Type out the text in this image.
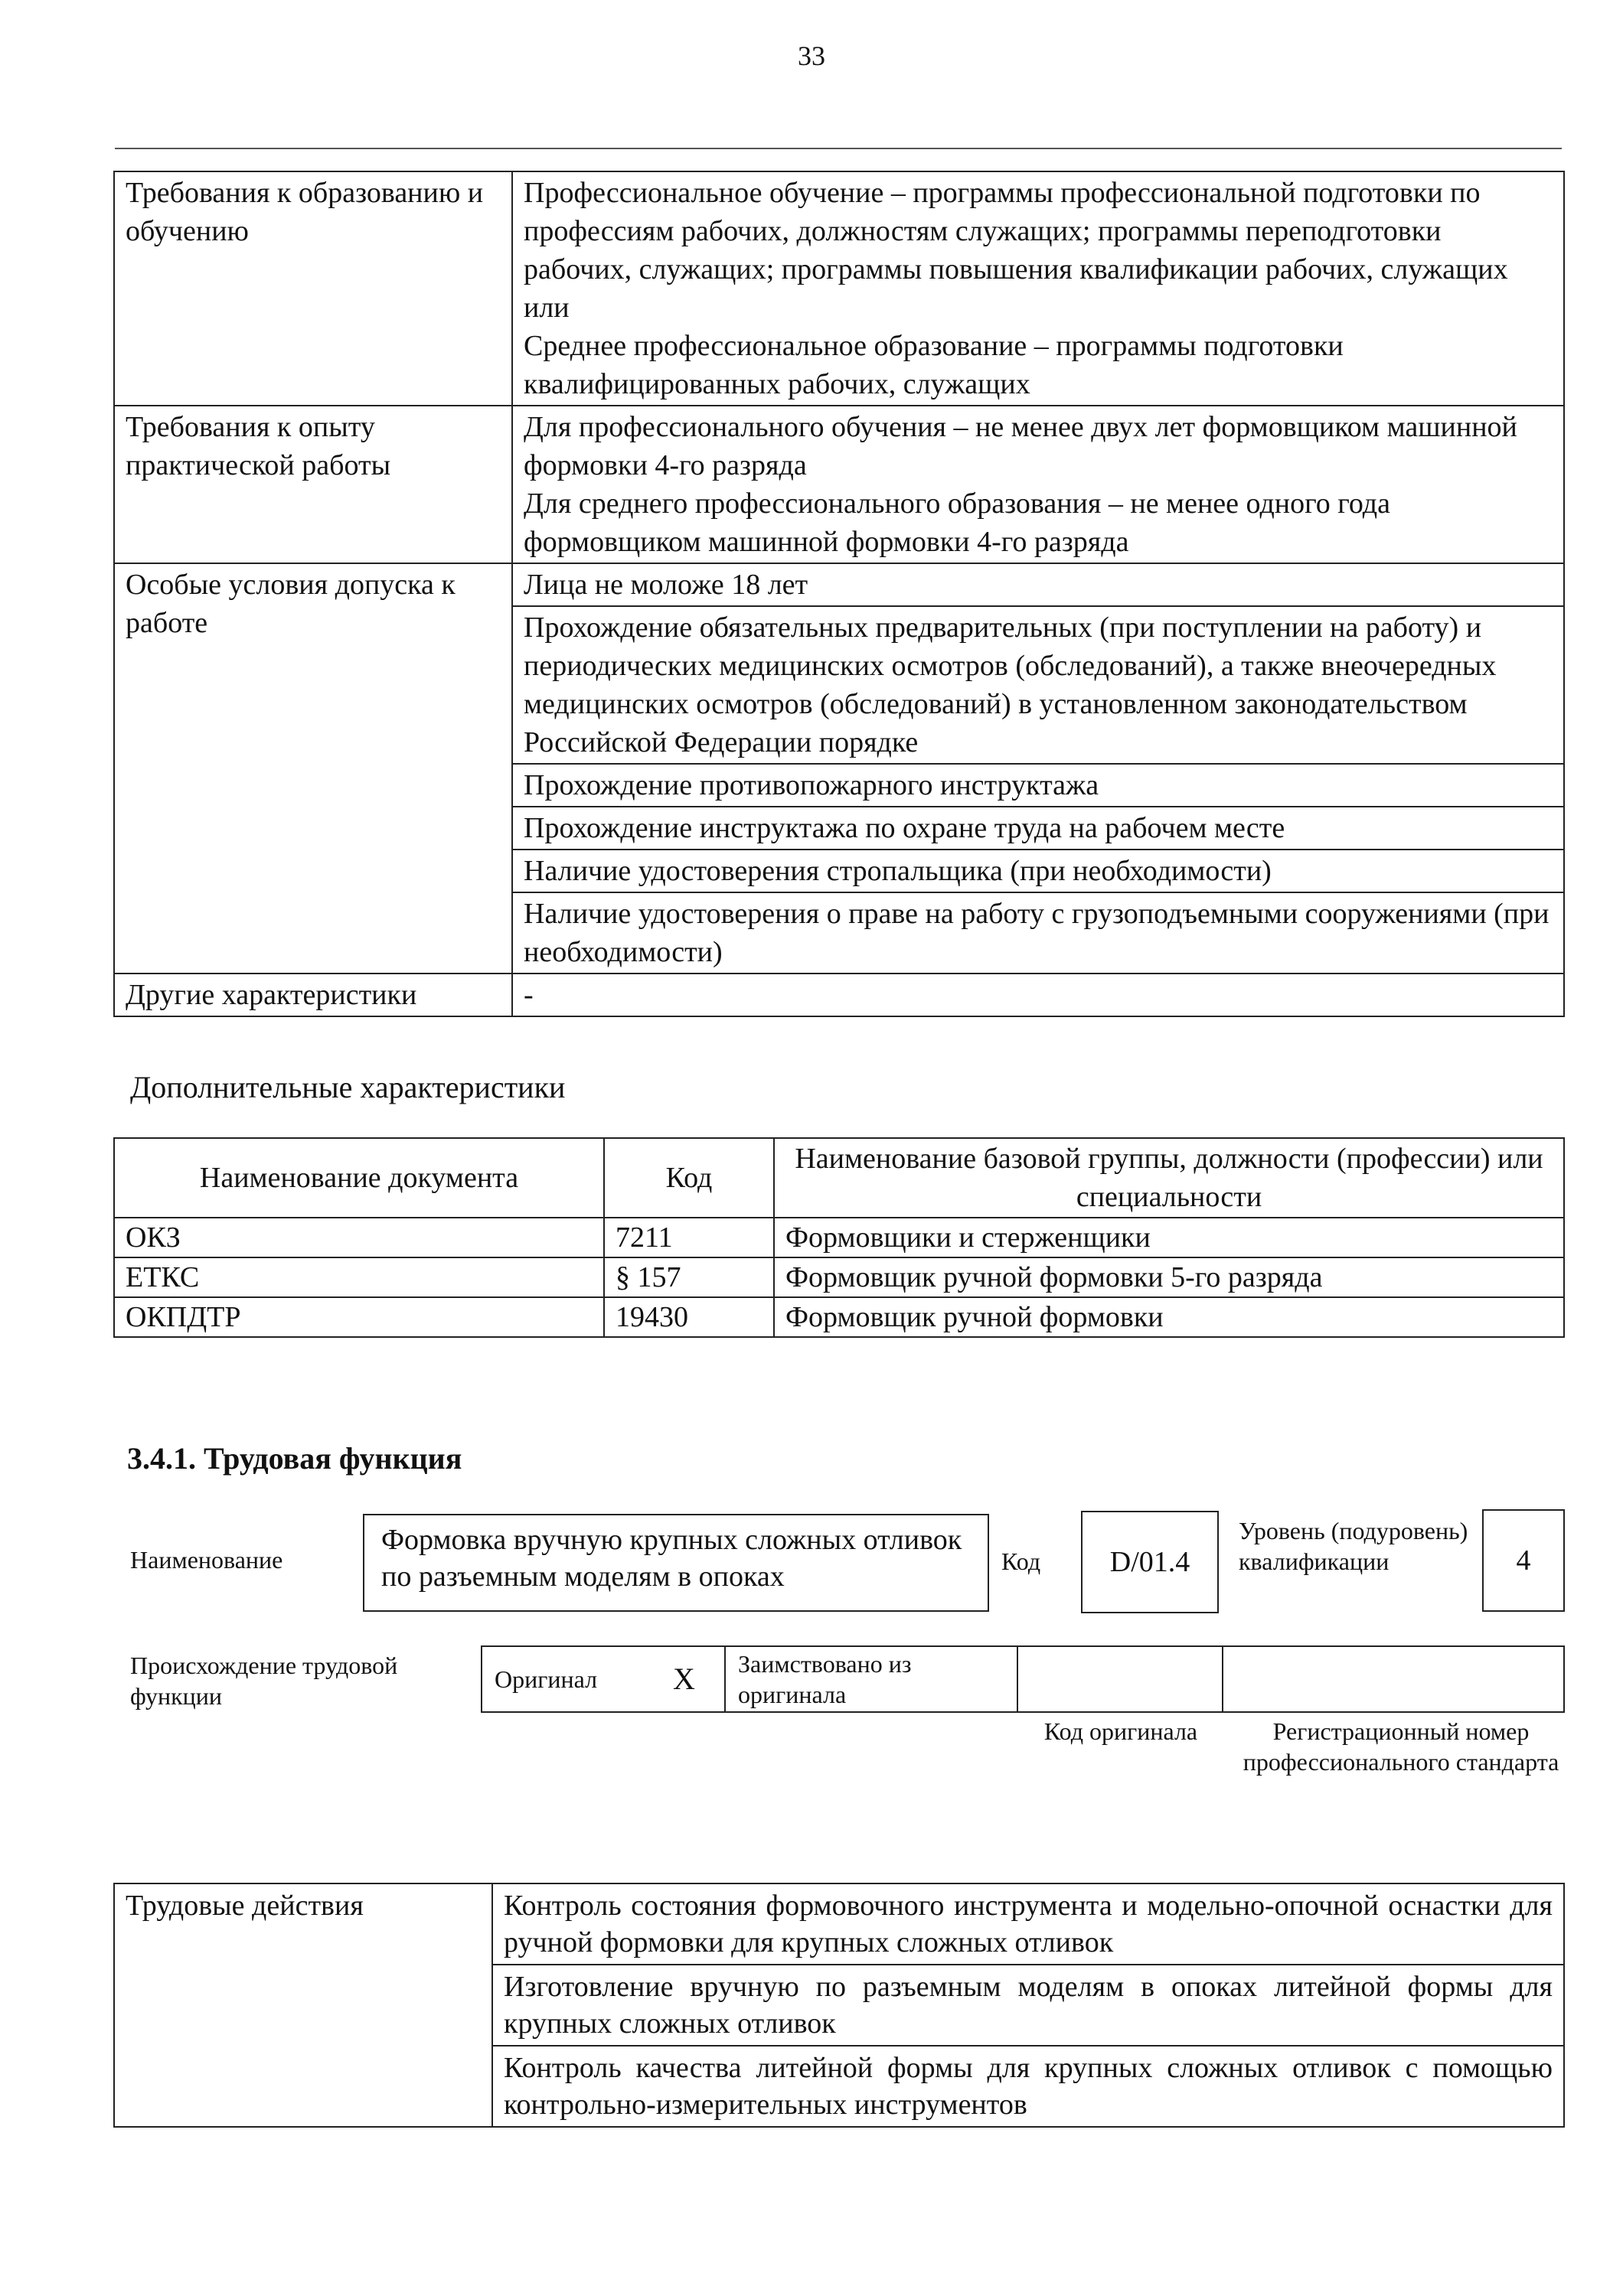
33
Требования к образованию и обучению	Профессиональное обучение – программы профессиональной подготовки по профессиям рабочих, должностям служащих; программы переподготовки рабочих, служащих; программы повышения квалификации рабочих, служащих
или
Среднее профессиональное образование – программы подготовки квалифицированных рабочих, служащих
Требования к опыту практической работы	Для профессионального обучения – не менее двух лет формовщиком машинной формовки 4-го разряда
Для среднего профессионального образования – не менее одного года формовщиком машинной формовки 4-го разряда
Особые условия допуска к работе	Лица не моложе 18 лет
	Прохождение обязательных предварительных (при поступлении на работу) и периодических медицинских осмотров (обследований), а также внеочередных медицинских осмотров (обследований) в установленном законодательством Российской Федерации порядке
	Прохождение противопожарного инструктажа
	Прохождение инструктажа по охране труда на рабочем месте
	Наличие удостоверения стропальщика (при необходимости)
	Наличие удостоверения о праве на работу с грузоподъемными сооружениями (при необходимости)
Другие характеристики	-
Дополнительные характеристики
Наименование документа	Код	Наименование базовой группы, должности (профессии) или специальности
ОКЗ	7211	Формовщики и стерженщики
ЕТКС	§ 157	Формовщик ручной формовки 5-го разряда
ОКПДТР	19430	Формовщик ручной формовки
3.4.1. Трудовая функция
Наименование
Формовка вручную крупных сложных отливок по разъемным моделям в опоках	Код	D/01.4
Уровень (подуровень) квалификации	4
Происхождение трудовой функции
Оригинал	X	Заимствовано из оригинала		
Код оригинала	Регистрационный номер профессионального стандарта
Трудовые действия	Контроль состояния формовочного инструмента и модельно-опочной оснастки для ручной формовки для крупных сложных отливок
Изготовление вручную по разъемным моделям в опоках литейной формы для крупных сложных отливок
Контроль качества литейной формы для крупных сложных отливок с помощью контрольно-измерительных инструментов
